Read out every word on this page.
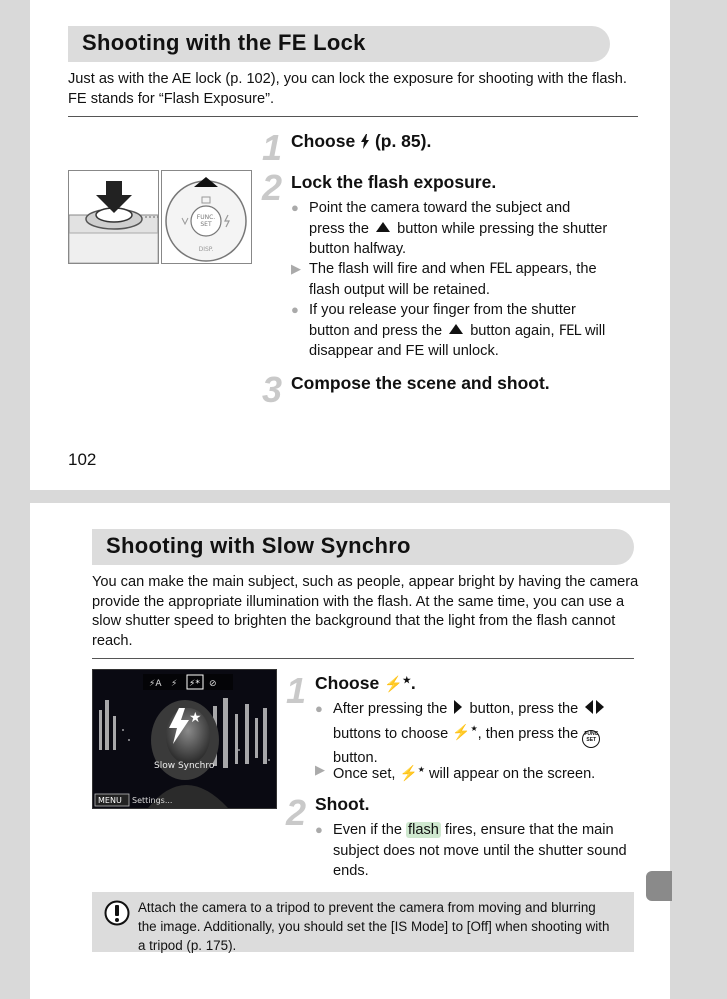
Shooting with the FE Lock
Just as with the AE lock (p. 102), you can lock the exposure for shooting with the flash. FE stands for “Flash Exposure”.
FUNC.
SET
DISP.
1 Choose (p. 85).
2 Lock the flash exposure.
● Point the camera toward the subject and press the button while pressing the shutter button halfway.
▶ The flash will fire and when FEL appears, the flash output will be retained.
● If you release your finger from the shutter button and press the button again, FEL will disappear and FE will unlock.
3 Compose the scene and shoot.
102
Shooting with Slow Synchro
You can make the main subject, such as people, appear bright by having the camera provide the appropriate illumination with the flash. At the same time, you can use a slow shutter speed to brighten the background that the light from the flash cannot reach.
⚡A ⚡ ⚡* ⊘
★
Slow Synchro
MENU Settings...
1 Choose ⚡★.
● After pressing the button, press the  buttons to choose ⚡★, then press the FUNC
SET button.
▶ Once set, ⚡★ will appear on the screen.
2 Shoot.
● Even if the flash fires, ensure that the main subject does not move until the shutter sound ends.
Attach the camera to a tripod to prevent the camera from moving and blurring the image. Additionally, you should set the [IS Mode] to [Off] when shooting with a tripod (p. 175).
